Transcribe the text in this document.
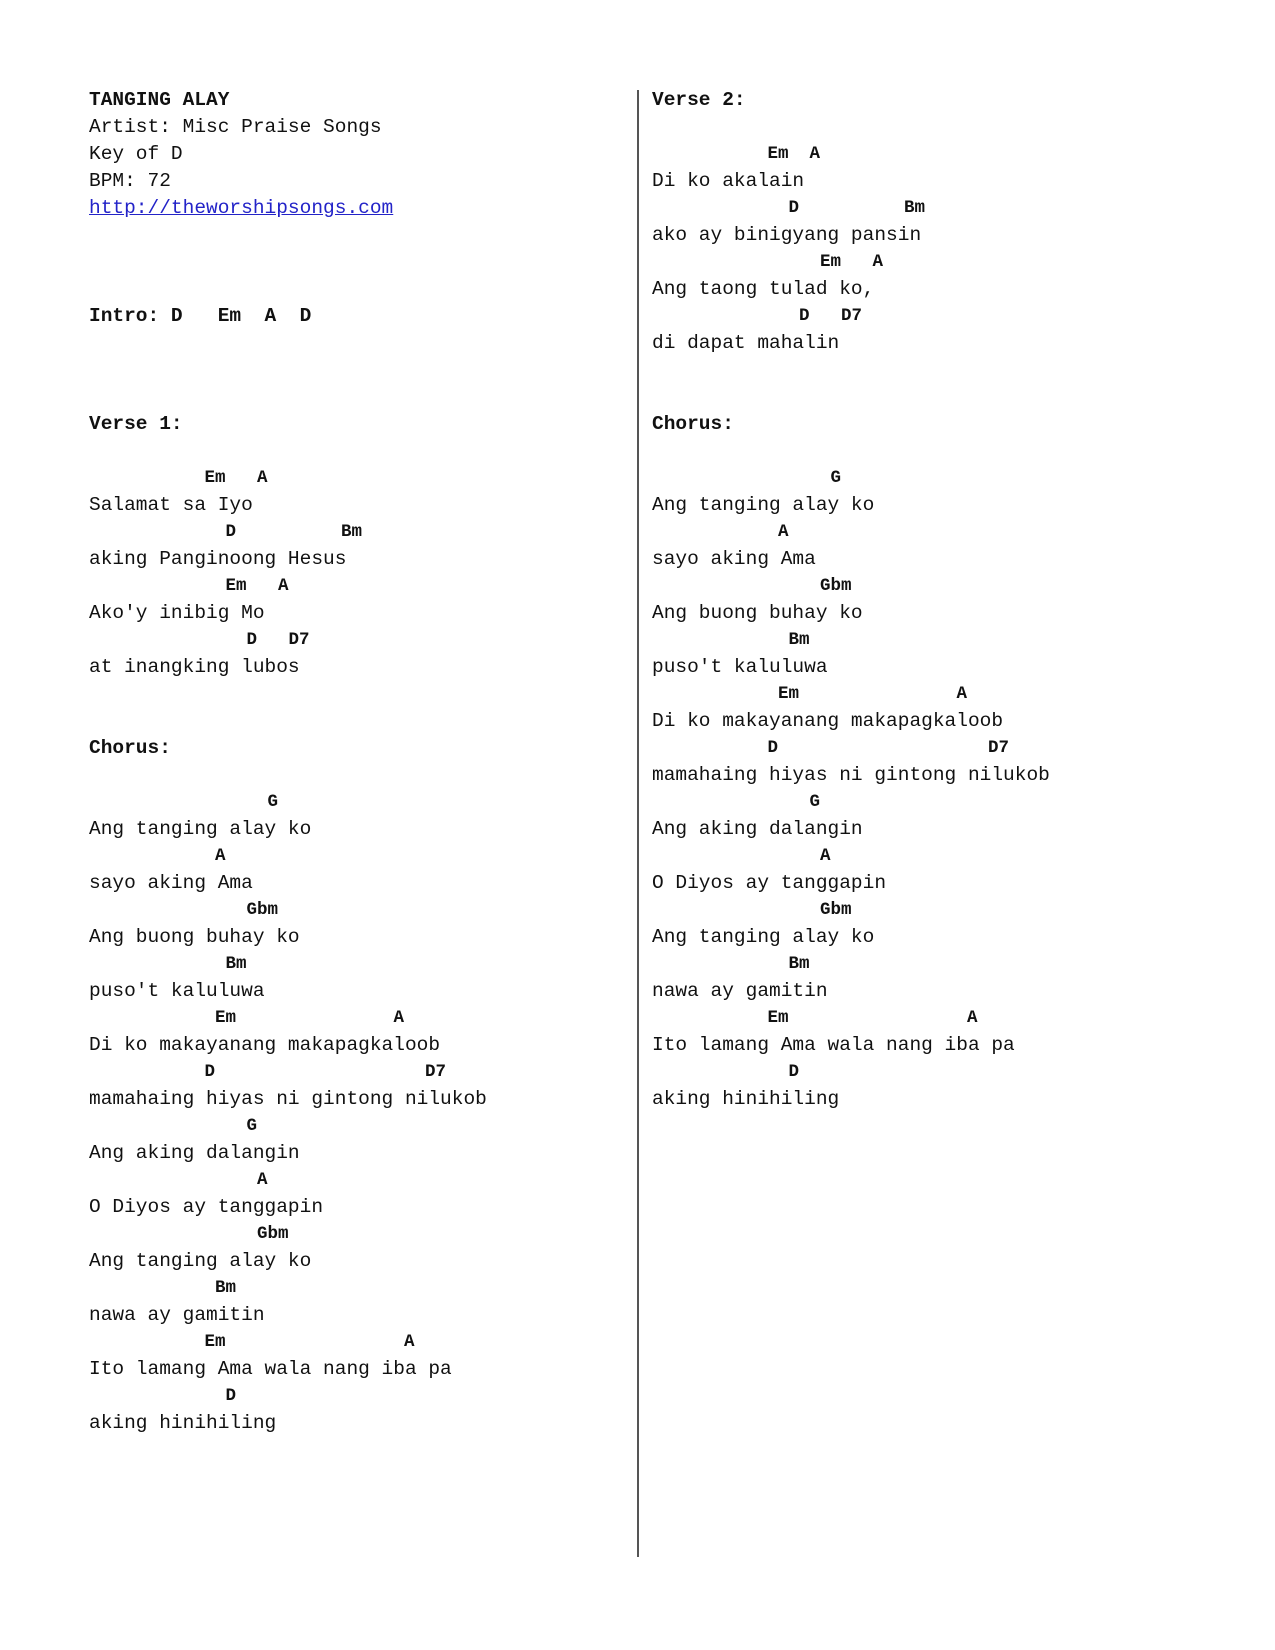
TANGING ALAY
Artist: Misc Praise Songs
Key of D
BPM: 72
http://theworshipsongs.com
Intro: D   Em  A  D
Verse 1:
Em   A
Salamat sa Iyo
D          Bm
aking Panginoong Hesus
Em   A
Ako'y inibig Mo
D   D7
at inangking lubos
Chorus:
G
Ang tanging alay ko
A
sayo aking Ama
Gbm
Ang buong buhay ko
Bm
puso't kaluluwa
Em               A
Di ko makayanang makapagkaloob
D                    D7
mamahaing hiyas ni gintong nilukob
G
Ang aking dalangin
A
O Diyos ay tanggapin
Gbm
Ang tanging alay ko
Bm
nawa ay gamitin
Em                 A
Ito lamang Ama wala nang iba pa
D
aking hinihiling
Verse 2:
Em  A
Di ko akalain
D          Bm
ako ay binigyang pansin
Em   A
Ang taong tulad ko,
D   D7
di dapat mahalin
Chorus:
G
Ang tanging alay ko
A
sayo aking Ama
Gbm
Ang buong buhay ko
Bm
puso't kaluluwa
Em               A
Di ko makayanang makapagkaloob
D                    D7
mamahaing hiyas ni gintong nilukob
G
Ang aking dalangin
A
O Diyos ay tanggapin
Gbm
Ang tanging alay ko
Bm
nawa ay gamitin
Em                 A
Ito lamang Ama wala nang iba pa
D
aking hinihiling
